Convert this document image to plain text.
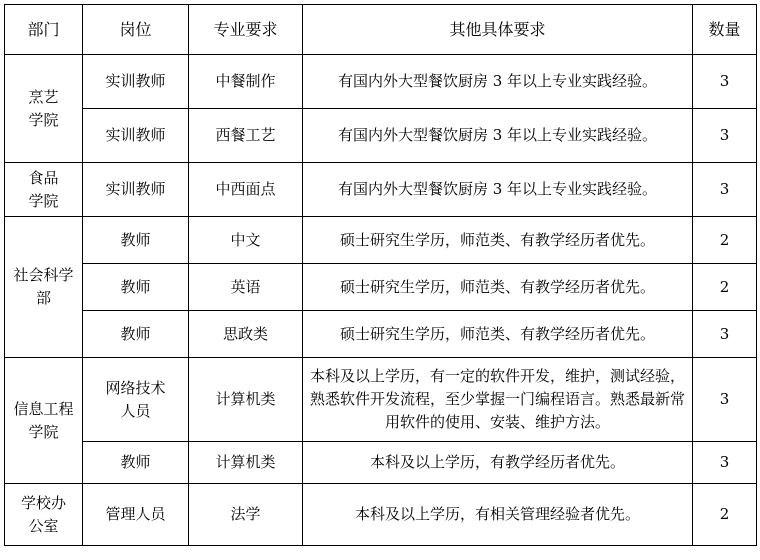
部门	岗位	专业要求	其他具体要求	数量

烹艺学院	实训教师	中餐制作	有国内外大型餐饮厨房 3 年以上专业实践经验。	3
	实训教师	西餐工艺	有国内外大型餐饮厨房 3 年以上专业实践经验。	3

食品学院	实训教师	中西面点	有国内外大型餐饮厨房 3 年以上专业实践经验。	3

社会科学部	教师	中文	硕士研究生学历，师范类、有教学经历者优先。	2
	教师	英语	硕士研究生学历，师范类、有教学经历者优先。	2
	教师	思政类	硕士研究生学历，师范类、有教学经历者优先。	3

信息工程学院	网络技术人员	计算机类	本科及以上学历，有一定的软件开发，维护，测试经验，熟悉软件开发流程，至少掌握一门编程语言。熟悉最新常用软件的使用、安装、维护方法。	3
	教师	计算机类	本科及以上学历，有教学经历者优先。	3

学校办公室	管理人员	法学	本科及以上学历，有相关管理经验者优先。	2
